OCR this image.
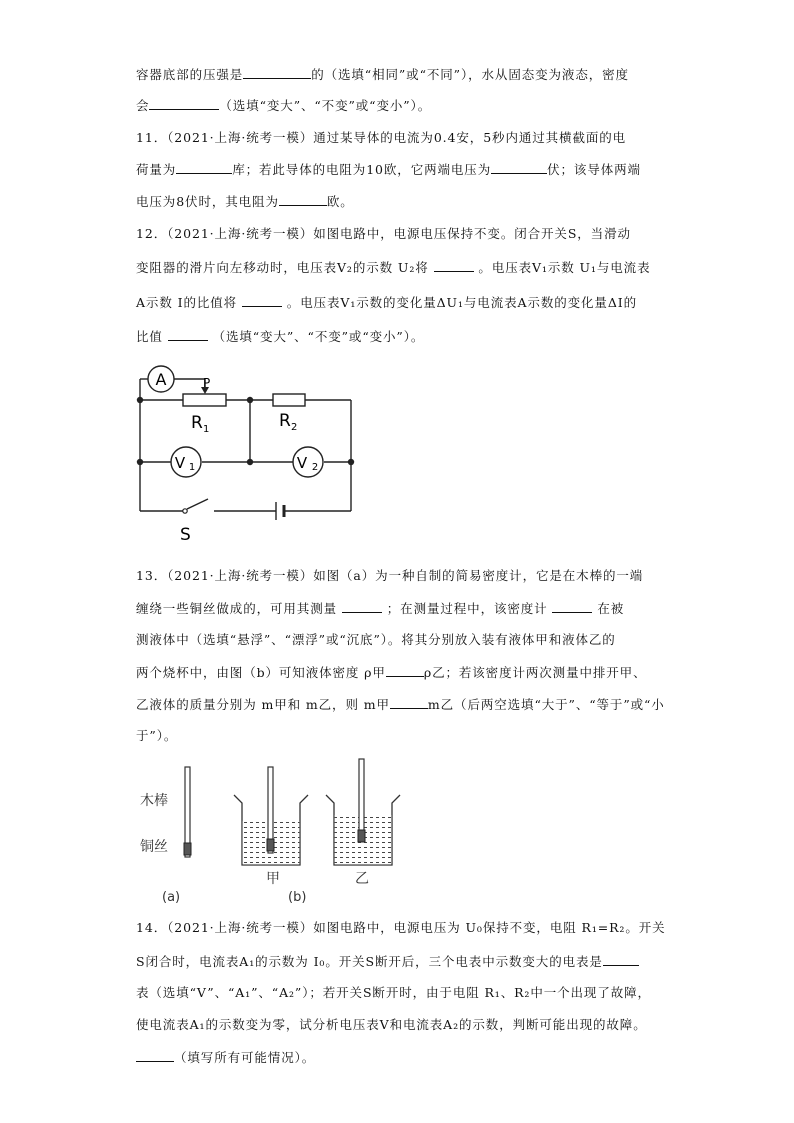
容器底部的压强是	的（选填“相同”或“不同”），水从固态变为液态，密度
会	（选填“变大”、“不变”或“变小”）。
11．（2021·上海·统考一模）通过某导体的电流为0.4安，5秒内通过其横截面的电
荷量为	库；若此导体的电阻为10欧，它两端电压为	伏；该导体两端
电压为8伏时，其电阻为	欧。
12．（2021·上海·统考一模）如图电路中，电源电压保持不变。闭合开关S，当滑动
变阻器的滑片向左移动时，电压表V₂的示数 U₂将	。电压表V₁示数 U₁与电流表
A示数 I的比值将	。电压表V₁示数的变化量ΔU₁与电流表A示数的变化量ΔI的
比值	（选填“变大”、“不变”或“变小”）。
A	P
V 1	V 2
R 1	R 2
S
13．（2021·上海·统考一模）如图（a）为一种自制的简易密度计，它是在木棒的一端
缠绕一些铜丝做成的，可用其测量	；在测量过程中，该密度计	在被
测液体中（选填“悬浮”、“漂浮”或“沉底”）。将其分别放入装有液体甲和液体乙的
两个烧杯中，由图（b）可知液体密度 ρ甲	ρ乙；若该密度计两次测量中排开甲、
乙液体的质量分别为 m甲和 m乙，则 m甲	m乙（后两空选填“大于”、“等于”或“小
于”）。
木棒
铜丝
(a)
甲
(b)
乙
14．（2021·上海·统考一模）如图电路中，电源电压为 U₀保持不变，电阻 R₁=R₂。开关
S闭合时，电流表A₁的示数为 I₀。开关S断开后，三个电表中示数变大的电表是
表（选填“V”、“A₁”、“A₂”）；若开关S断开时，由于电阻 R₁、R₂中一个出现了故障，
使电流表A₁的示数变为零，试分析电压表V和电流表A₂的示数，判断可能出现的故障。
（填写所有可能情况）。
